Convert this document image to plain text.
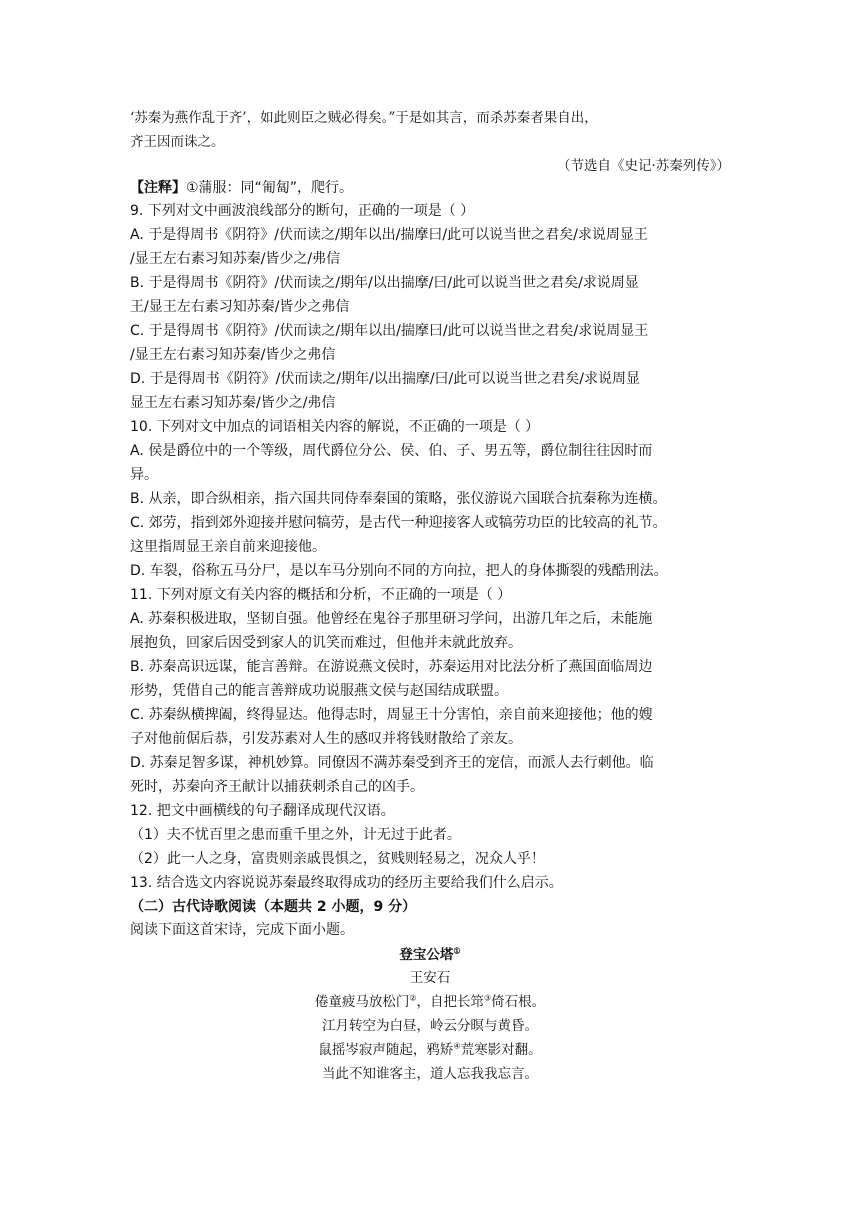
‘苏秦为燕作乱于齐’，如此则臣之贼必得矣。”于是如其言，而杀苏秦者果自出，
齐王因而诛之。
（节选自《史记·苏秦列传》）
【注释】①蒲服：同“匍匐”，爬行。
9. 下列对文中画波浪线部分的断句，正确的一项是（ ）
A. 于是得周书《阴符》/伏而读之/期年以出/揣摩曰/此可以说当世之君矣/求说周显王
/显王左右素习知苏秦/皆少之/弗信
B. 于是得周书《阴符》/伏而读之/期年/以出揣摩/曰/此可以说当世之君矣/求说周显
王/显王左右素习知苏秦/皆少之弗信
C. 于是得周书《阴符》/伏而读之/期年以出/揣摩曰/此可以说当世之君矣/求说周显王
/显王左右素习知苏秦/皆少之弗信
D. 于是得周书《阴符》/伏而读之/期年/以出揣摩/曰/此可以说当世之君矣/求说周显
显王左右素习知苏秦/皆少之/弗信
10. 下列对文中加点的词语相关内容的解说，不正确的一项是（ ）
A. 侯是爵位中的一个等级，周代爵位分公、侯、伯、子、男五等，爵位制往往因时而
异。
B. 从亲，即合纵相亲，指六国共同侍奉秦国的策略，张仪游说六国联合抗秦称为连横。
C. 郊劳，指到郊外迎接并慰问犒劳，是古代一种迎接客人或犒劳功臣的比较高的礼节。
这里指周显王亲自前来迎接他。
D. 车裂，俗称五马分尸，是以车马分别向不同的方向拉，把人的身体撕裂的残酷刑法。
11. 下列对原文有关内容的概括和分析，不正确的一项是（ ）
A. 苏秦积极进取，坚韧自强。他曾经在鬼谷子那里研习学问，出游几年之后，未能施
展抱负，回家后因受到家人的讥笑而难过，但他并未就此放弃。
B. 苏秦高识远谋，能言善辩。在游说燕文侯时，苏秦运用对比法分析了燕国面临周边
形势，凭借自己的能言善辩成功说服燕文侯与赵国结成联盟。
C. 苏秦纵横捭阖，终得显达。他得志时，周显王十分害怕，亲自前来迎接他；他的嫂
子对他前倨后恭，引发苏素对人生的感叹并将钱财散给了亲友。
D. 苏秦足智多谋，神机妙算。同僚因不满苏秦受到齐王的宠信，而派人去行刺他。临
死时，苏秦向齐王献计以捕获刺杀自己的凶手。
12. 把文中画横线的句子翻译成现代汉语。
（1）夫不忧百里之患而重千里之外，计无过于此者。
（2）此一人之身，富贵则亲戚畏惧之，贫贱则轻易之，况众人乎！
13. 结合选文内容说说苏秦最终取得成功的经历主要给我们什么启示。
（二）古代诗歌阅读（本题共 2 小题，9 分）
阅读下面这首宋诗，完成下面小题。
登宝公塔①
王安石
倦童疲马放松门②，自把长筇③倚石根。
江月转空为白昼，岭云分暝与黄昏。
鼠摇岑寂声随起，鸦矫④荒寒影对翻。
当此不知谁客主，道人忘我我忘言。
